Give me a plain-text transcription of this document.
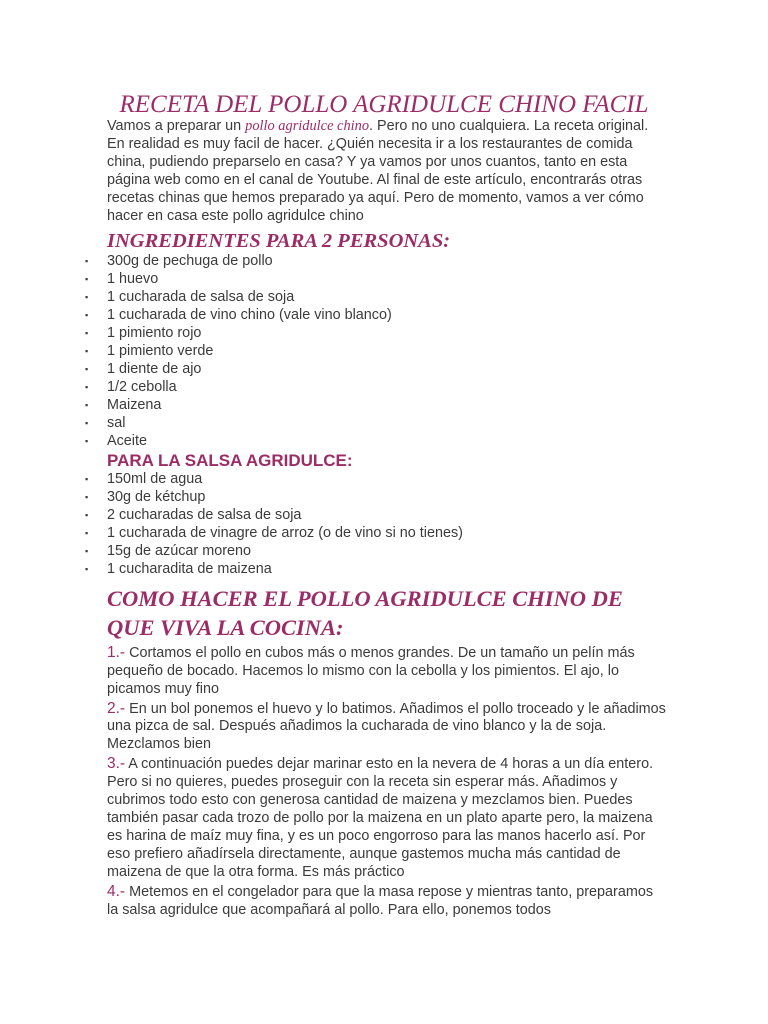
RECETA DEL POLLO AGRIDULCE CHINO FACIL

Vamos a preparar un pollo agridulce chino. Pero no uno cualquiera. La receta original. En realidad es muy facil de hacer. ¿Quién necesita ir a los restaurantes de comida china, pudiendo preparselo en casa? Y ya vamos por unos cuantos, tanto en esta página web como en el canal de Youtube. Al final de este artículo, encontrarás otras recetas chinas que hemos preparado ya aquí. Pero de momento, vamos a ver cómo hacer en casa este pollo agridulce chino

INGREDIENTES PARA 2 PERSONAS:
▪ 300g de pechuga de pollo
▪ 1 huevo
▪ 1 cucharada de salsa de soja
▪ 1 cucharada de vino chino (vale vino blanco)
▪ 1 pimiento rojo
▪ 1 pimiento verde
▪ 1 diente de ajo
▪ 1/2 cebolla
▪ Maizena
▪ sal
▪ Aceite
PARA LA SALSA AGRIDULCE:
▪ 150ml de agua
▪ 30g de kétchup
▪ 2 cucharadas de salsa de soja
▪ 1 cucharada de vinagre de arroz (o de vino si no tienes)
▪ 15g de azúcar moreno
▪ 1 cucharadita de maizena
COMO HACER EL POLLO AGRIDULCE CHINO DE QUE VIVA LA COCINA:

1.- Cortamos el pollo en cubos más o menos grandes. De un tamaño un pelín más pequeño de bocado. Hacemos lo mismo con la cebolla y los pimientos. El ajo, lo picamos muy fino

2.- En un bol ponemos el huevo y lo batimos. Añadimos el pollo troceado y le añadimos una pizca de sal. Después añadimos la cucharada de vino blanco y la de soja. Mezclamos bien

3.- A continuación puedes dejar marinar esto en la nevera de 4 horas a un día entero. Pero si no quieres, puedes proseguir con la receta sin esperar más. Añadimos y cubrimos todo esto con generosa cantidad de maizena y mezclamos bien. Puedes también pasar cada trozo de pollo por la maizena en un plato aparte pero, la maizena es harina de maíz muy fina, y es un poco engorroso para las manos hacerlo así. Por eso prefiero añadírsela directamente, aunque gastemos mucha más cantidad de maizena de que la otra forma. Es más práctico

4.- Metemos en el congelador para que la masa repose y mientras tanto, preparamos la salsa agridulce que acompañará al pollo. Para ello, ponemos todos
